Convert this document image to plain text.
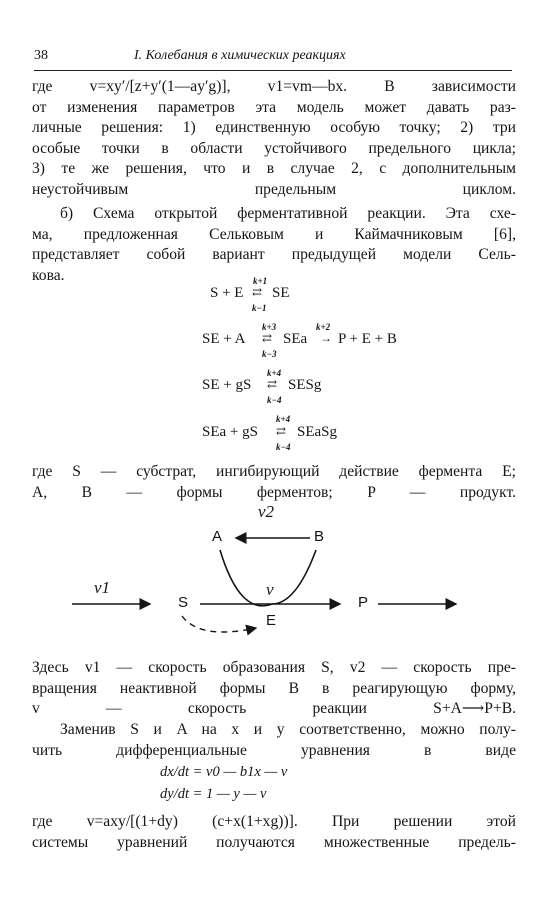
38	I. Колебания в химических реакциях

где v=xy′/[z+y′(1—ay′g)], v1=vm—bx. В зависимости
от изменения параметров эта модель может давать раз-
личные решения: 1) единственную особую точку; 2) три
особые точки в области устойчивого предельного цикла;
3) те же решения, что и в случае 2, с дополнительным
неустойчивым предельным циклом.

б) Схема открытой ферментативной реакции. Эта схе-
ма, предложенная Сельковым и Каймачниковым [6],
представляет собой вариант предыдущей модели Сель-
кова.	k+1
S + E ⇄ SE
k−1
k+3	k+2
SE + A ⇄ SEa → P + E + B
k−3
k+4
SE + gS ⇄ SESg
k−4
k+4
SEa + gS ⇄ SEaSg
k−4

где S — субстрат, ингибирующий действие фермента E;
A, B — формы ферментов; P — продукт.

v2
A	B
v1
S
v
P
E

Здесь v1 — скорость образования S, v2 — скорость пре-
вращения неактивной формы B в реагирующую форму,
v — скорость реакции S+A⟶P+B.

Заменив S и A на x и y соответственно, можно полу-
чить дифференциальные уравнения в виде

dx/dt = v0 — b1x — v
dy/dt = 1 — y — v

где v=axy/[(1+dy) (c+x(1+xg))]. При решении этой
системы уравнений получаются множественные предель-
